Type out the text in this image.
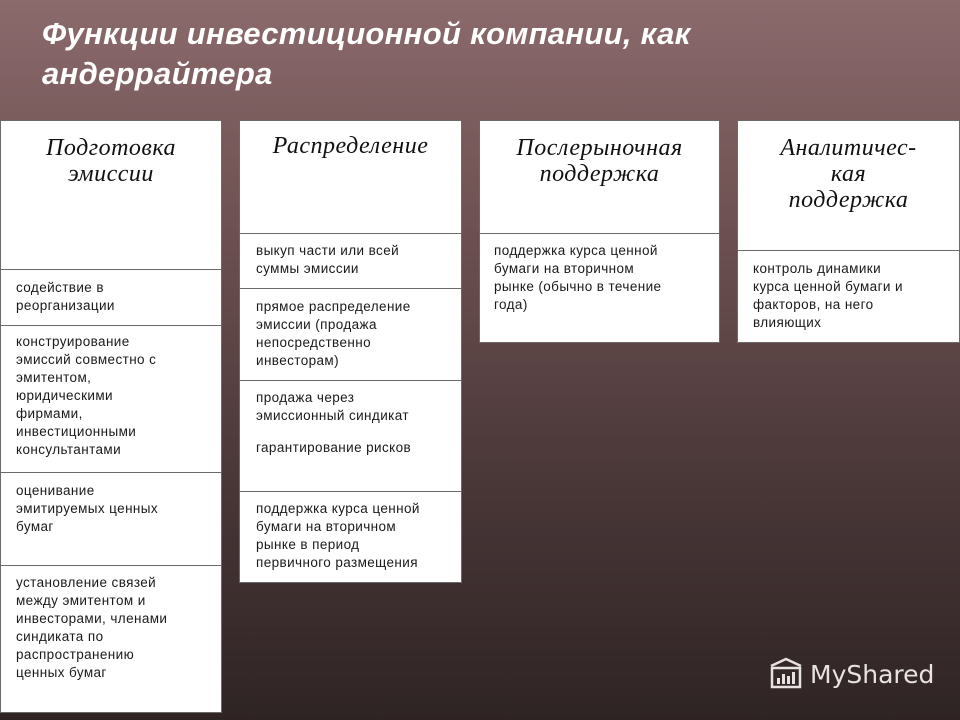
Функции инвестиционной компании, как
андеррайтера
Подготовка
эмиссии
содействие в
реорганизации
конструирование
эмиссий совместно с
эмитентом,
юридическими
фирмами,
инвестиционными
консультантами
оценивание
эмитируемых ценных
бумаг
установление связей
между эмитентом и
инвесторами, членами
синдиката по
распространению
ценных бумаг
Распределение
выкуп части или всей
суммы эмиссии
прямое распределение
эмиссии (продажа
непосредственно
инвесторам)
продажа через
эмиссионный синдикат
гарантирование рисков
поддержка курса ценной
бумаги на вторичном
рынке в период
первичного размещения
Послерыночная
поддержка
поддержка курса ценной
бумаги на вторичном
рынке (обычно в течение
года)
Аналитичес-
кая
поддержка
контроль динамики
курса ценной бумаги и
факторов, на него
влияющих
MyShared
